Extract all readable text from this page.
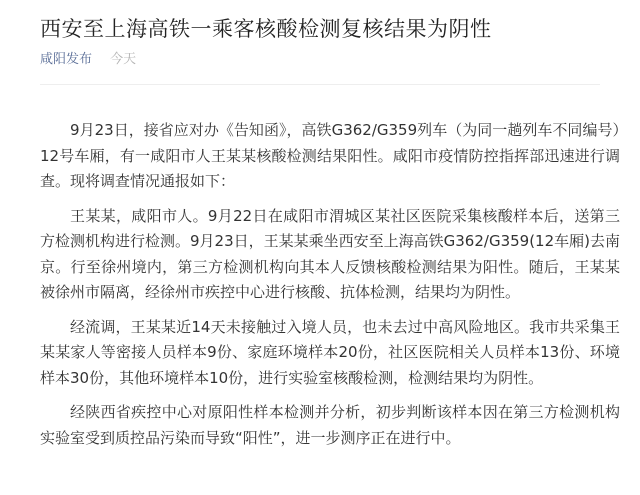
西安至上海高铁一乘客核酸检测复核结果为阴性
咸阳发布 今天

9月23日，接省应对办《告知函》，高铁G362/G359列车（为同一趟列车不同编号）12号车厢，有一咸阳市人王某某核酸检测结果阳性。咸阳市疫情防控指挥部迅速进行调查。现将调查情况通报如下：

王某某，咸阳市人。9月22日在咸阳市渭城区某社区医院采集核酸样本后，送第三方检测机构进行检测。9月23日，王某某乘坐西安至上海高铁G362/G359(12车厢)去南京。行至徐州境内，第三方检测机构向其本人反馈核酸检测结果为阳性。随后，王某某被徐州市隔离，经徐州市疾控中心进行核酸、抗体检测，结果均为阴性。

经流调，王某某近14天未接触过入境人员，也未去过中高风险地区。我市共采集王某某家人等密接人员样本9份、家庭环境样本20份，社区医院相关人员样本13份、环境样本30份，其他环境样本10份，进行实验室核酸检测，检测结果均为阴性。

经陕西省疾控中心对原阳性样本检测并分析，初步判断该样本因在第三方检测机构实验室受到质控品污染而导致“阳性”，进一步测序正在进行中。
